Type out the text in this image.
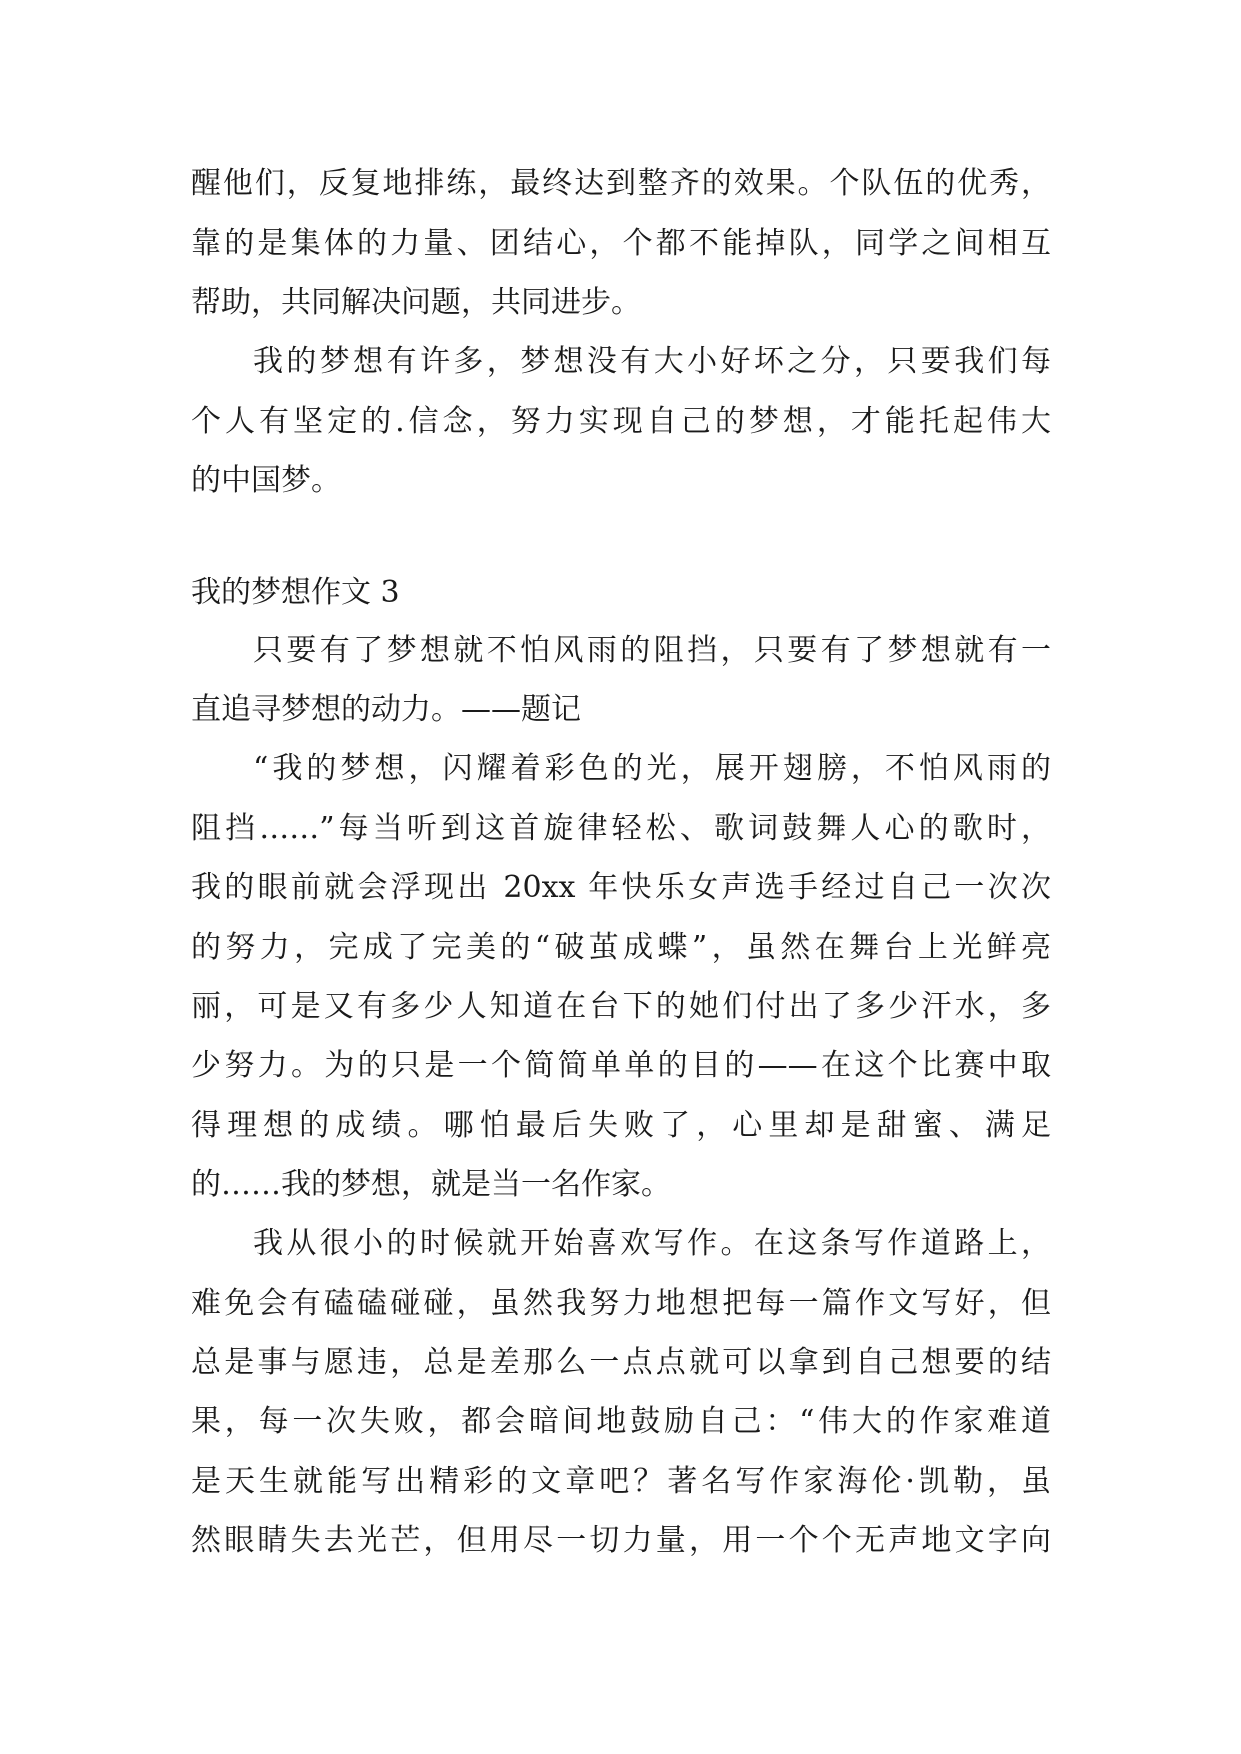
醒他们，反复地排练，最终达到整齐的效果。个队伍的优秀，
靠的是集体的力量、团结心，个都不能掉队，同学之间相互
帮助，共同解决问题，共同进步。
我的梦想有许多，梦想没有大小好坏之分，只要我们每
个人有坚定的.信念，努力实现自己的梦想，才能托起伟大
的中国梦。
我的梦想作文 3
只要有了梦想就不怕风雨的阻挡，只要有了梦想就有一
直追寻梦想的动力。——题记
“我的梦想，闪耀着彩色的光，展开翅膀，不怕风雨的
阻挡……”每当听到这首旋律轻松、歌词鼓舞人心的歌时，
我的眼前就会浮现出 20xx 年快乐女声选手经过自己一次次
的努力，完成了完美的“破茧成蝶”，虽然在舞台上光鲜亮
丽，可是又有多少人知道在台下的她们付出了多少汗水，多
少努力。为的只是一个简简单单的目的——在这个比赛中取
得理想的成绩。哪怕最后失败了，心里却是甜蜜、满足
的……我的梦想，就是当一名作家。
我从很小的时候就开始喜欢写作。在这条写作道路上，
难免会有磕磕碰碰，虽然我努力地想把每一篇作文写好，但
总是事与愿违，总是差那么一点点就可以拿到自己想要的结
果，每一次失败，都会暗间地鼓励自己：“伟大的作家难道
是天生就能写出精彩的文章吧？著名写作家海伦·凯勒，虽
然眼睛失去光芒，但用尽一切力量，用一个个无声地文字向
